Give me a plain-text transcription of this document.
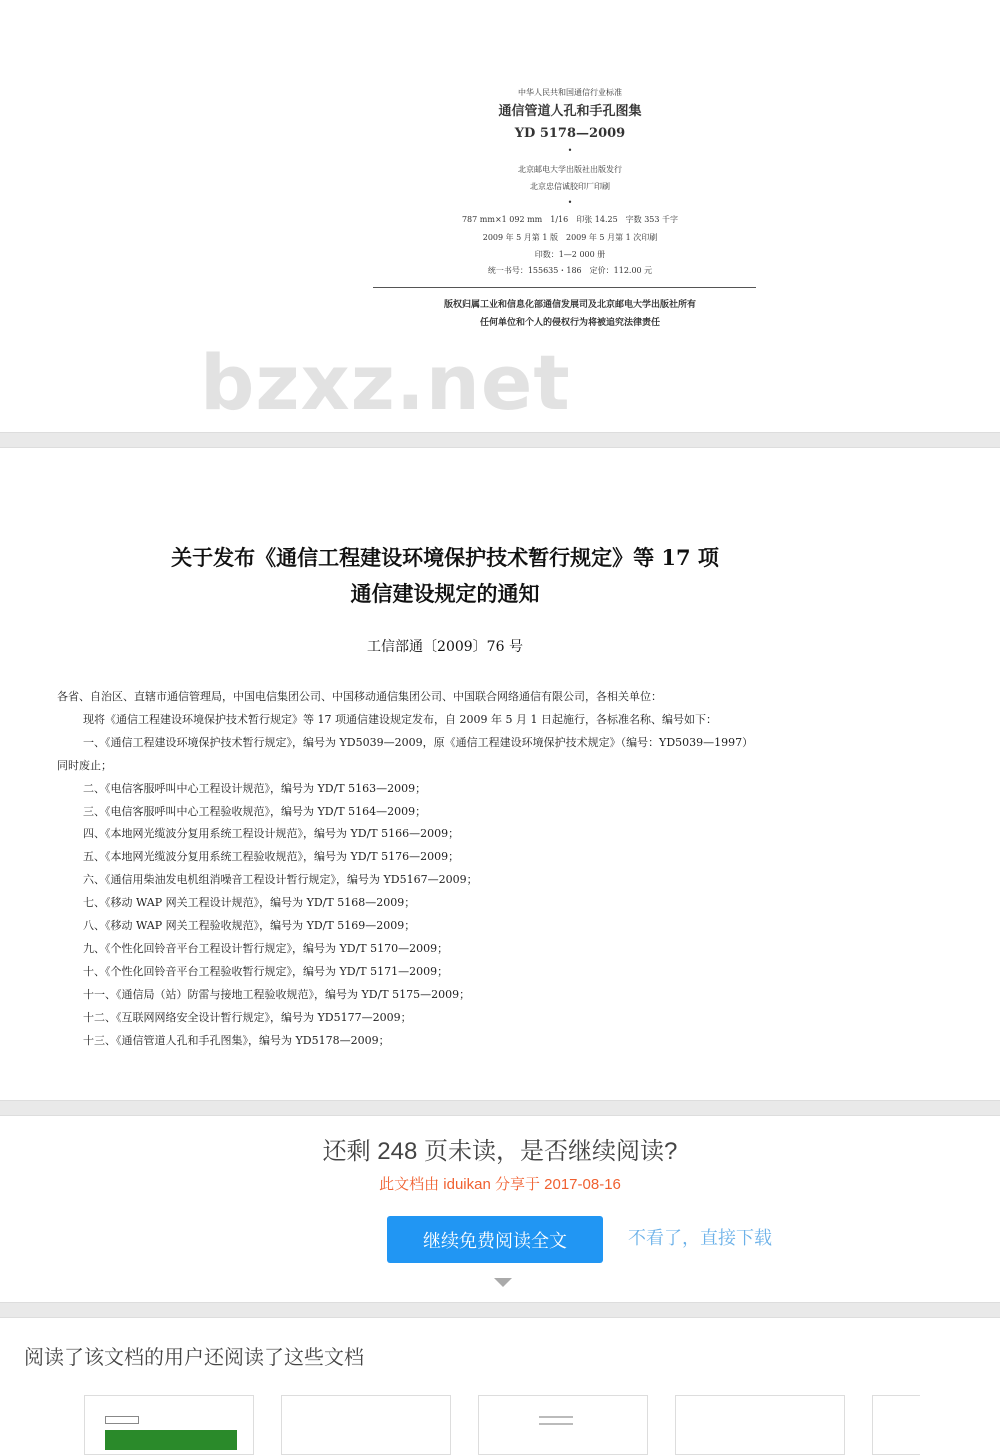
中华人民共和国通信行业标准
通信管道人孔和手孔图集
YD 5178—2009
•
北京邮电大学出版社出版发行
北京忠信诚胶印厂印刷
•
787 mm×1 092 mm　1/16　印张 14.25　字数 353 千字
2009 年 5 月第 1 版　2009 年 5 月第 1 次印刷
印数：1—2 000 册
统一书号：155635・186　定价：112.00 元
版权归属工业和信息化部通信发展司及北京邮电大学出版社所有
任何单位和个人的侵权行为将被追究法律责任
bzxz.net
关于发布《通信工程建设环境保护技术暂行规定》等 17 项
通信建设规定的通知
工信部通〔2009〕76 号
各省、自治区、直辖市通信管理局，中国电信集团公司、中国移动通信集团公司、中国联合网络通信有限公司，各相关单位：
现将《通信工程建设环境保护技术暂行规定》等 17 项通信建设规定发布，自 2009 年 5 月 1 日起施行，各标准名称、编号如下：
一、《通信工程建设环境保护技术暂行规定》，编号为 YD5039—2009，原《通信工程建设环境保护技术规定》（编号：YD5039—1997）
同时废止；
二、《电信客服呼叫中心工程设计规范》，编号为 YD/T 5163—2009；
三、《电信客服呼叫中心工程验收规范》，编号为 YD/T 5164—2009；
四、《本地网光缆波分复用系统工程设计规范》，编号为 YD/T 5166—2009；
五、《本地网光缆波分复用系统工程验收规范》，编号为 YD/T 5176—2009；
六、《通信用柴油发电机组消噪音工程设计暂行规定》，编号为 YD5167—2009；
七、《移动 WAP 网关工程设计规范》，编号为 YD/T 5168—2009；
八、《移动 WAP 网关工程验收规范》，编号为 YD/T 5169—2009；
九、《个性化回铃音平台工程设计暂行规定》，编号为 YD/T 5170—2009；
十、《个性化回铃音平台工程验收暂行规定》，编号为 YD/T 5171—2009；
十一、《通信局（站）防雷与接地工程验收规范》，编号为 YD/T 5175—2009；
十二、《互联网网络安全设计暂行规定》，编号为 YD5177—2009；
十三、《通信管道人孔和手孔图集》，编号为 YD5178—2009；
还剩 248 页未读，是否继续阅读?
此文档由 iduikan 分享于 2017-08-16
继续免费阅读全文	不看了，直接下载
阅读了该文档的用户还阅读了这些文档
